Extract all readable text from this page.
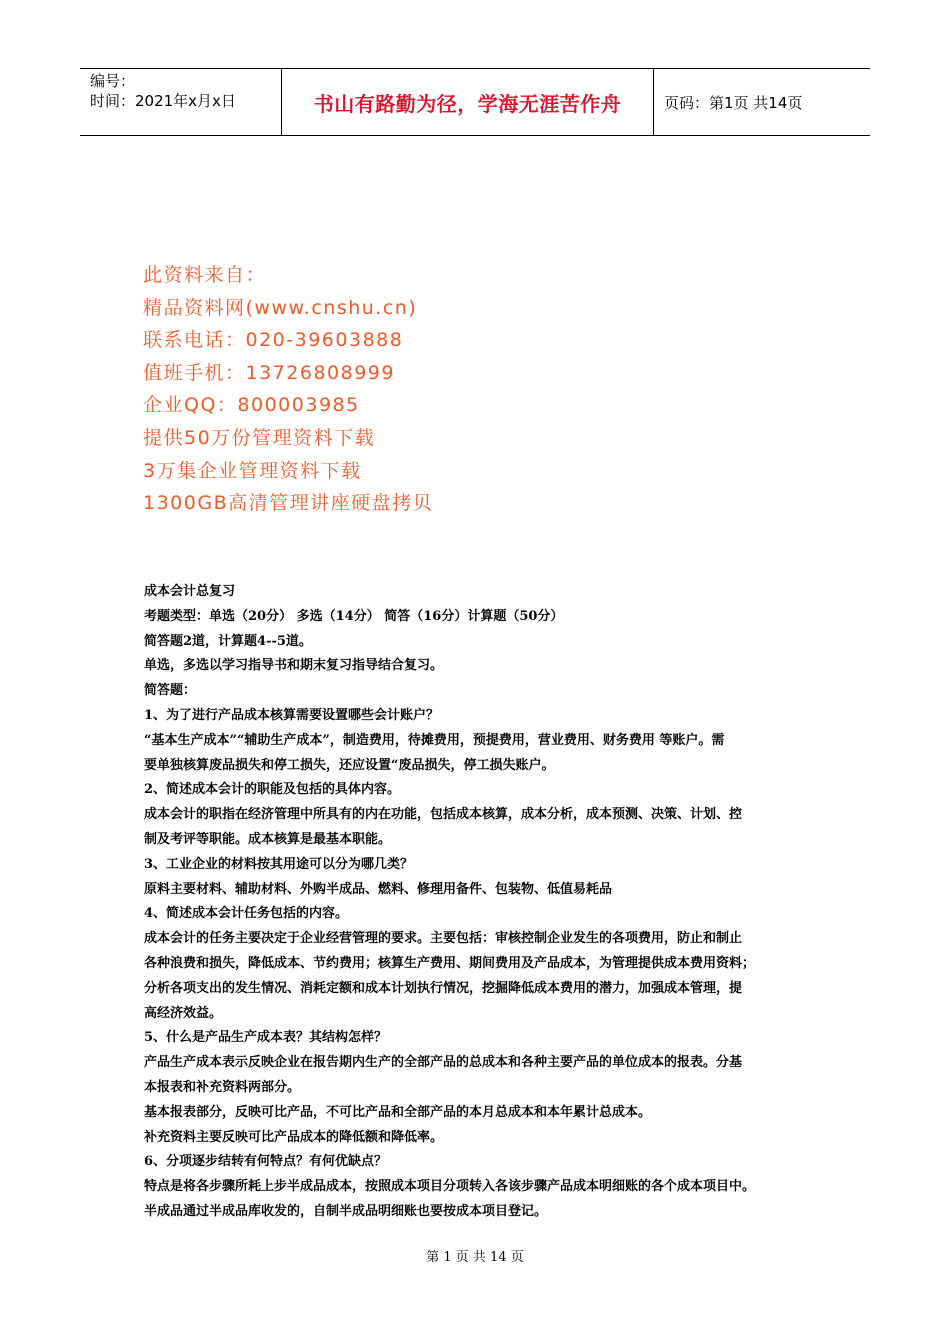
编号：
时间：2021年x月x日	书山有路勤为径，学海无涯苦作舟	页码：第1页 共14页
此资料来自：
精品资料网(www.cnshu.cn)
联系电话：020-39603888
值班手机：13726808999
企业QQ：800003985
提供50万份管理资料下载
3万集企业管理资料下载
1300GB高清管理讲座硬盘拷贝

成本会计总复习

考题类型：单选（20分） 多选（14分） 简答（16分）计算题（50分）

简答题2道，计算题4--5道。

单选，多选以学习指导书和期末复习指导结合复习。

简答题：

1、为了进行产品成本核算需要设置哪些会计账户？

“基本生产成本”“辅助生产成本”，制造费用，待摊费用，预提费用，营业费用、财务费用 等账户。需

要单独核算废品损失和停工损失，还应设置“废品损失，停工损失账户。

2、简述成本会计的职能及包括的具体内容。

成本会计的职指在经济管理中所具有的内在功能，包括成本核算，成本分析，成本预测、决策、计划、控

制及考评等职能。成本核算是最基本职能。

3、工业企业的材料按其用途可以分为哪几类？

原料主要材料、辅助材料、外购半成品、燃料、修理用备件、包装物、低值易耗品

4、简述成本会计任务包括的内容。

成本会计的任务主要决定于企业经营管理的要求。主要包括：审核控制企业发生的各项费用，防止和制止

各种浪费和损失，降低成本、节约费用；核算生产费用、期间费用及产品成本，为管理提供成本费用资料；

分析各项支出的发生情况、消耗定额和成本计划执行情况，挖掘降低成本费用的潜力，加强成本管理，提

高经济效益。

5、什么是产品生产成本表？其结构怎样？

产品生产成本表示反映企业在报告期内生产的全部产品的总成本和各种主要产品的单位成本的报表。分基

本报表和补充资料两部分。

基本报表部分，反映可比产品，不可比产品和全部产品的本月总成本和本年累计总成本。

补充资料主要反映可比产品成本的降低额和降低率。

6、分项逐步结转有何特点？有何优缺点？

特点是将各步骤所耗上步半成品成本，按照成本项目分项转入各该步骤产品成本明细账的各个成本项目中。

半成品通过半成品库收发的，自制半成品明细账也要按成本项目登记。

第 1 页 共 14 页
